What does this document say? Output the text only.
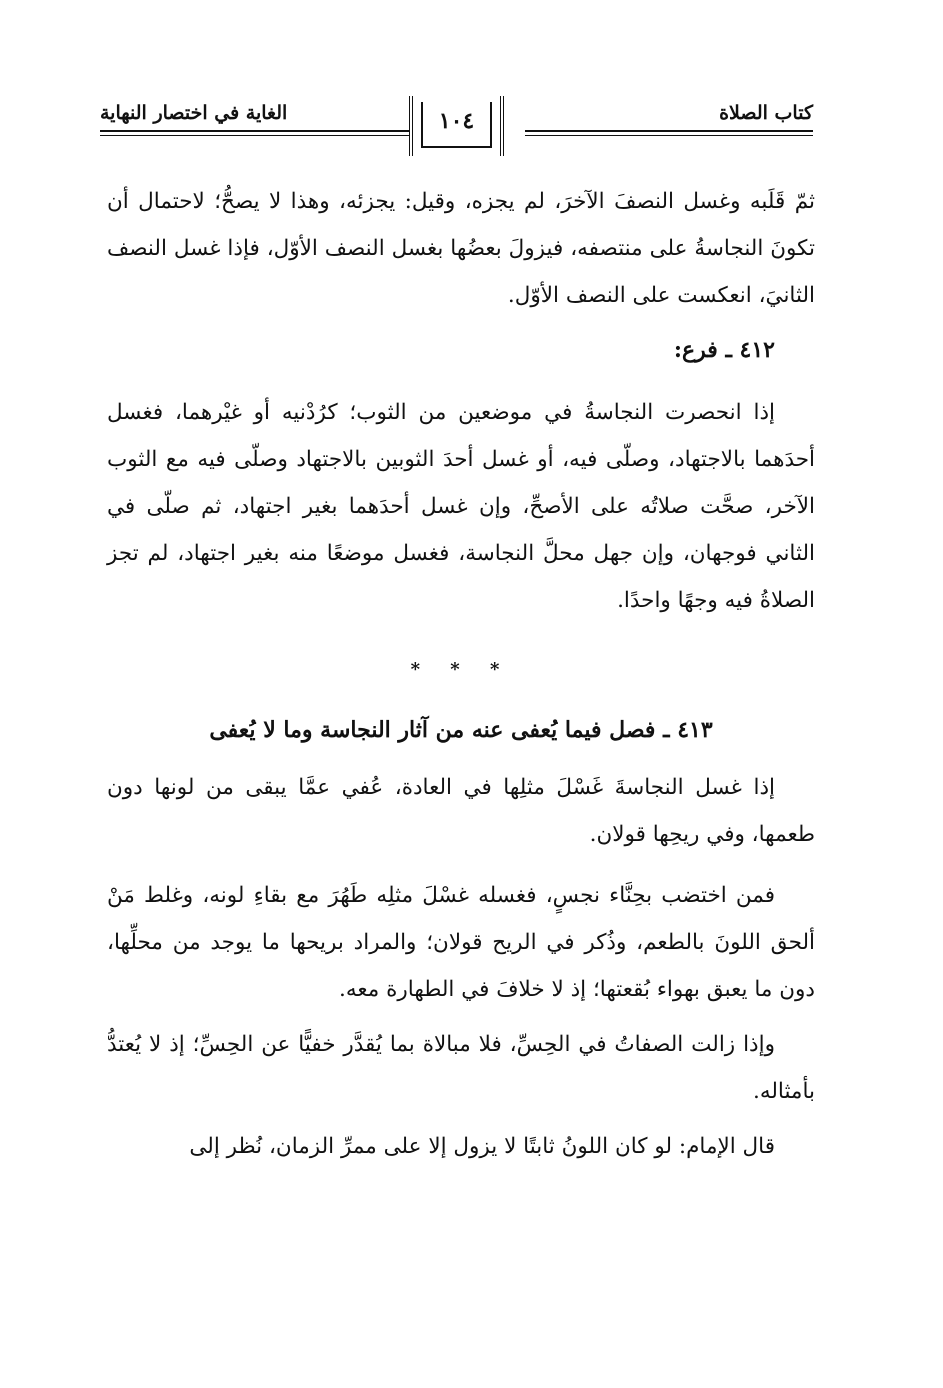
كتاب الصلاة
الغاية في اختصار النهاية	١٠٤

ثمّ قَلَبه وغسل النصفَ الآخرَ، لم يجزه، وقيل: يجزئه، وهذا لا يصحُّ؛ لاحتمال أن تكونَ النجاسةُ على منتصفه، فيزولَ بعضُها بغسل النصف الأوّل، فإذا غسل النصف الثانيَ، انعكست على النصف الأوّل.

٤١٢ ـ فرع:

إذا انحصرت النجاسةُ في موضعين من الثوب؛ كرُدْنيه أو غيْرهما، فغسل أحدَهما بالاجتهاد، وصلّى فيه، أو غسل أحدَ الثوبين بالاجتهاد وصلّى فيه مع الثوب الآخر، صحَّت صلاتُه على الأصحِّ، وإن غسل أحدَهما بغير اجتهاد، ثم صلّى في الثاني فوجهان، وإن جهل محلَّ النجاسة، فغسل موضعًا منه بغير اجتهاد، لم تجز الصلاةُ فيه وجهًا واحدًا.

* * *

٤١٣ ـ فصل فيما يُعفى عنه من آثار النجاسة وما لا يُعفى

إذا غسل النجاسةَ غَسْلَ مثلِها في العادة، عُفي عمَّا يبقى من لونها دون طعمها، وفي ريحِها قولان.

فمن اختضب بحِنَّاء نجسٍ، فغسله غسْلَ مثلِه طَهُرَ مع بقاءِ لونه، وغلط مَنْ ألحق اللونَ بالطعم، وذُكر في الريح قولان؛ والمراد بريحها ما يوجد من محلِّها، دون ما يعبق بهواء بُقعتها؛ إذ لا خلافَ في الطهارة معه.

وإذا زالت الصفاتُ في الحِسِّ، فلا مبالاة بما يُقدَّر خفيًّا عن الحِسِّ؛ إذ لا يُعتدُّ بأمثاله.

قال الإمام: لو كان اللونُ ثابتًا لا يزول إلا على ممرِّ الزمان، نُظر إلى
